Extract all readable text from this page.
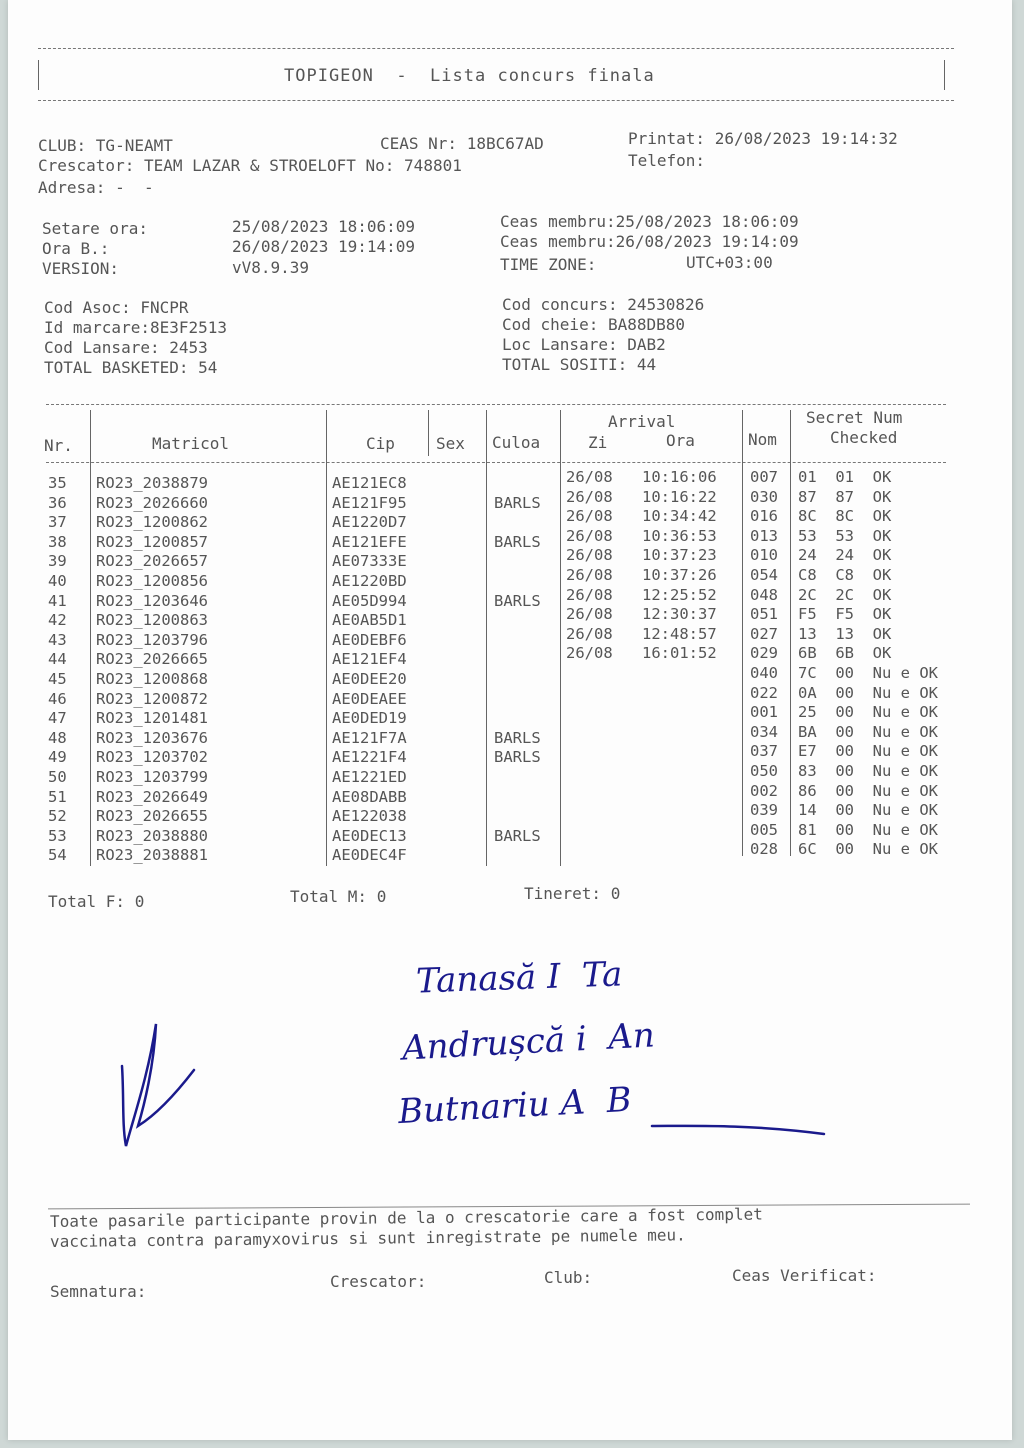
TOPIGEON  -  Lista concurs finala
CLUB: TG-NEAMT	CEAS Nr: 18BC67AD	Printat: 26/08/2023 19:14:32
Crescator: TEAM LAZAR & STROELOFT No: 748801	Telefon:
Adresa: -  -
Setare ora:	25/08/2023 18:06:09
Ora B.:	26/08/2023 19:14:09
VERSION:	vV8.9.39
Ceas membru:25/08/2023 18:06:09
Ceas membru:26/08/2023 19:14:09
TIME ZONE:	UTC+03:00
Cod Asoc: FNCPR
Id marcare:8E3F2513
Cod Lansare: 2453
TOTAL BASKETED: 54
Cod concurs: 24530826
Cod cheie: BA88DB80
Loc Lansare: DAB2
TOTAL SOSITI: 44
Nr.	Matricol	Cip	Sex Culoa
Arrival
Zi	Ora	Nom
Secret Num
Checked
35 RO23_2038879	AE121EC8	26/08 10:16:06 007 01  01  OK
36 RO23_2026660	AE121F95	BARLS 26/08 10:16:22 030 87  87  OK
37 RO23_1200862	AE1220D7	26/08 10:34:42 016 8C  8C  OK
38 RO23_1200857	AE121EFE	BARLS 26/08 10:36:53 013 53  53  OK
39 RO23_2026657	AE07333E	26/08 10:37:23 010 24  24  OK
40 RO23_1200856	AE1220BD	26/08 10:37:26 054 C8  C8  OK
41 RO23_1203646	AE05D994	BARLS 26/08 12:25:52 048 2C  2C  OK
42 RO23_1200863	AE0AB5D1	26/08 12:30:37 051 F5  F5  OK
43 RO23_1203796	AE0DEBF6	26/08 12:48:57 027 13  13  OK
44 RO23_2026665	AE121EF4	26/08 16:01:52 029 6B  6B  OK
45 RO23_1200868	AE0DEE20	040 7C  00  Nu e OK
46 RO23_1200872	AE0DEAEE	022 0A  00  Nu e OK
47 RO23_1201481	AE0DED19	001 25  00  Nu e OK
48 RO23_1203676	AE121F7A	BARLS	034 BA  00  Nu e OK
49 RO23_1203702	AE1221F4	BARLS	037 E7  00  Nu e OK
50 RO23_1203799	AE1221ED	050 83  00  Nu e OK
51 RO23_2026649	AE08DABB	002 86  00  Nu e OK
52 RO23_2026655	AE122038	039 14  00  Nu e OK
53 RO23_2038880	AE0DEC13	BARLS	005 81  00  Nu e OK
54 RO23_2038881	AE0DEC4F	028 6C  00  Nu e OK
Total F: 0	Total M: 0	Tineret: 0
Tanasă I  Ta
Andrușcă i  An
Butnariu A  B
Toate pasarile participante provin de la o crescatorie care a fost complet
vaccinata contra paramyxovirus si sunt inregistrate pe numele meu.
Semnatura:
Crescator:	Club:	Ceas Verificat:
